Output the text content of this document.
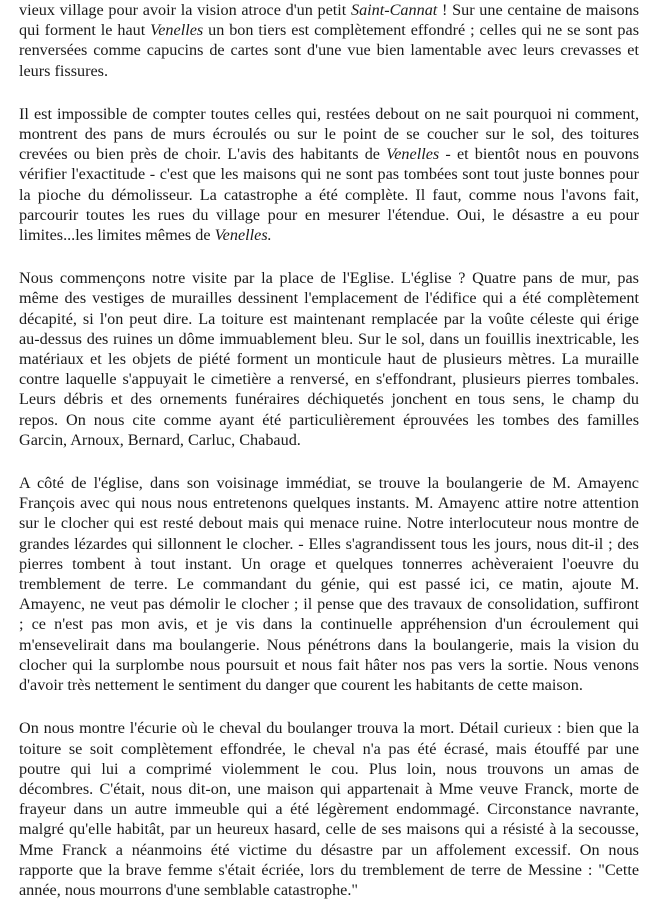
vieux village pour avoir la vision atroce d'un petit Saint-Cannat ! Sur une centaine de maisons
qui forment le haut Venelles un bon tiers est complètement effondré ; celles qui ne se sont pas
renversées comme capucins de cartes sont d'une vue bien lamentable avec leurs crevasses et
leurs fissures.
Il est impossible de compter toutes celles qui, restées debout on ne sait pourquoi ni comment,
montrent des pans de murs écroulés ou sur le point de se coucher sur le sol, des toitures
crevées ou bien près de choir. L'avis des habitants de Venelles - et bientôt nous en pouvons
vérifier l'exactitude - c'est que les maisons qui ne sont pas tombées sont tout juste bonnes pour
la pioche du démolisseur. La catastrophe a été complète. Il faut, comme nous l'avons fait,
parcourir toutes les rues du village pour en mesurer l'étendue. Oui, le désastre a eu pour
limites...les limites mêmes de Venelles.
Nous commençons notre visite par la place de l'Eglise. L'église ? Quatre pans de mur, pas
même des vestiges de murailles dessinent l'emplacement de l'édifice qui a été complètement
décapité, si l'on peut dire. La toiture est maintenant remplacée par la voûte céleste qui érige
au-dessus des ruines un dôme immuablement bleu. Sur le sol, dans un fouillis inextricable, les
matériaux et les objets de piété forment un monticule haut de plusieurs mètres. La muraille
contre laquelle s'appuyait le cimetière a renversé, en s'effondrant, plusieurs pierres tombales.
Leurs débris et des ornements funéraires déchiquetés jonchent en tous sens, le champ du
repos. On nous cite comme ayant été particulièrement éprouvées les tombes des familles
Garcin, Arnoux, Bernard, Carluc, Chabaud.
A côté de l'église, dans son voisinage immédiat, se trouve la boulangerie de M. Amayenc
François avec qui nous nous entretenons quelques instants. M. Amayenc attire notre attention
sur le clocher qui est resté debout mais qui menace ruine. Notre interlocuteur nous montre de
grandes lézardes qui sillonnent le clocher. - Elles s'agrandissent tous les jours, nous dit-il ; des
pierres tombent à tout instant. Un orage et quelques tonnerres achèveraient l'oeuvre du
tremblement de terre. Le commandant du génie, qui est passé ici, ce matin, ajoute M.
Amayenc, ne veut pas démolir le clocher ; il pense que des travaux de consolidation, suffiront
; ce n'est pas mon avis, et je vis dans la continuelle appréhension d'un écroulement qui
m'ensevelirait dans ma boulangerie. Nous pénétrons dans la boulangerie, mais la vision du
clocher qui la surplombe nous poursuit et nous fait hâter nos pas vers la sortie. Nous venons
d'avoir très nettement le sentiment du danger que courent les habitants de cette maison.
On nous montre l'écurie où le cheval du boulanger trouva la mort. Détail curieux : bien que la
toiture se soit complètement effondrée, le cheval n'a pas été écrasé, mais étouffé par une
poutre qui lui a comprimé violemment le cou. Plus loin, nous trouvons un amas de
décombres. C'était, nous dit-on, une maison qui appartenait à Mme veuve Franck, morte de
frayeur dans un autre immeuble qui a été légèrement endommagé. Circonstance navrante,
malgré qu'elle habitât, par un heureux hasard, celle de ses maisons qui a résisté à la secousse,
Mme Franck a néanmoins été victime du désastre par un affolement excessif. On nous
rapporte que la brave femme s'était écriée, lors du tremblement de terre de Messine : "Cette
année, nous mourrons d'une semblable catastrophe."
